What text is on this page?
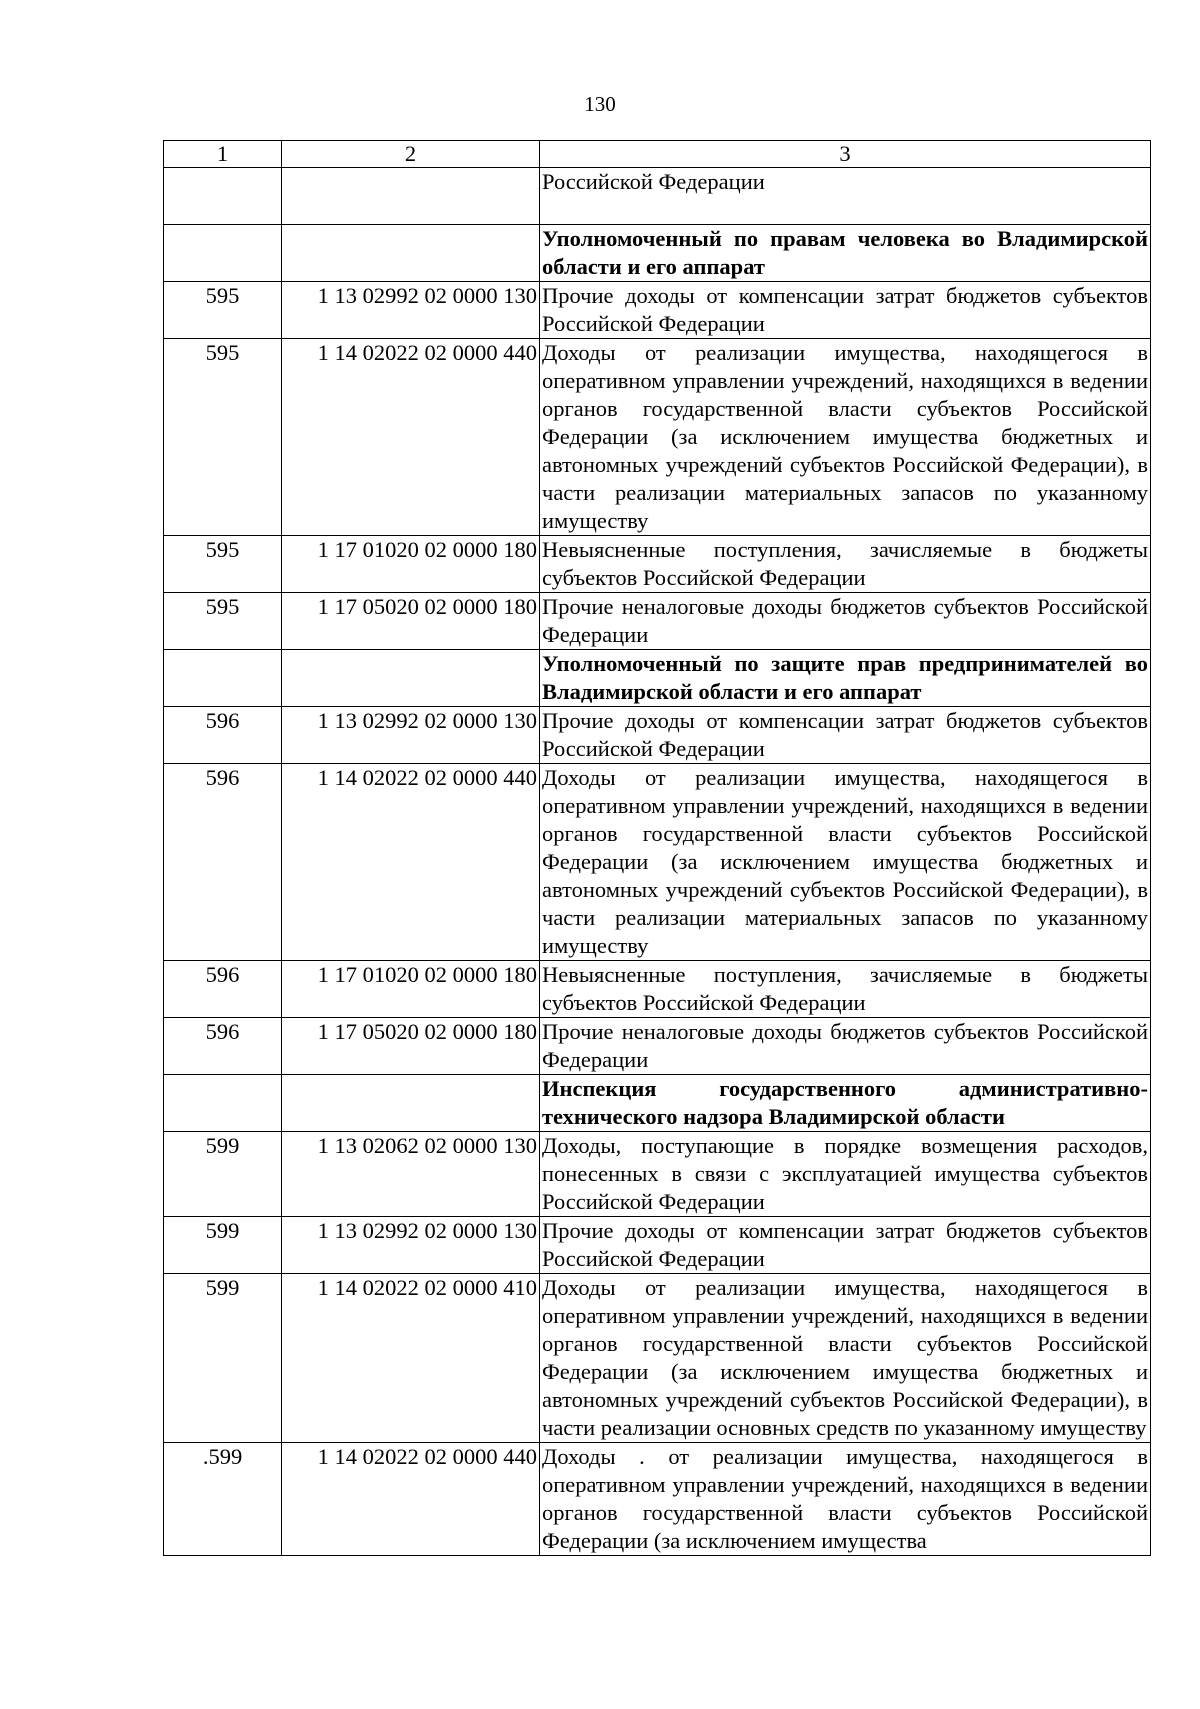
130
1	2	3
		Российской Федерации
		Уполномоченный по правам человека во Владимирской области и его аппарат
595	1 13 02992 02 0000 130	Прочие доходы от компенсации затрат бюджетов субъектов Российской Федерации
595	1 14 02022 02 0000 440	Доходы от реализации имущества, находящегося в оперативном управлении учреждений, находящихся в ведении органов государственной власти субъектов Российской Федерации (за исключением имущества бюджетных и автономных учреждений субъектов Российской Федерации), в части реализации материальных запасов по указанному имуществу
595	1 17 01020 02 0000 180	Невыясненные поступления, зачисляемые в бюджеты субъектов Российской Федерации
595	1 17 05020 02 0000 180	Прочие неналоговые доходы бюджетов субъектов Российской Федерации
		Уполномоченный по защите прав предпринимателей во Владимирской области и его аппарат
596	1 13 02992 02 0000 130	Прочие доходы от компенсации затрат бюджетов субъектов Российской Федерации
596	1 14 02022 02 0000 440	Доходы от реализации имущества, находящегося в оперативном управлении учреждений, находящихся в ведении органов государственной власти субъектов Российской Федерации (за исключением имущества бюджетных и автономных учреждений субъектов Российской Федерации), в части реализации материальных запасов по указанному имуществу
596	1 17 01020 02 0000 180	Невыясненные поступления, зачисляемые в бюджеты субъектов Российской Федерации
596	1 17 05020 02 0000 180	Прочие неналоговые доходы бюджетов субъектов Российской Федерации
		Инспекция государственного административно-технического надзора Владимирской области
599	1 13 02062 02 0000 130	Доходы, поступающие в порядке возмещения расходов, понесенных в связи с эксплуатацией имущества субъектов Российской Федерации
599	1 13 02992 02 0000 130	Прочие доходы от компенсации затрат бюджетов субъектов Российской Федерации
599	1 14 02022 02 0000 410	Доходы от реализации имущества, находящегося в оперативном управлении учреждений, находящихся в ведении органов государственной власти субъектов Российской Федерации (за исключением имущества бюджетных и автономных учреждений субъектов Российской Федерации), в части реализации основных средств по указанному имуществу
.599	1 14 02022 02 0000 440	Доходы . от реализации имущества, находящегося в оперативном управлении учреждений, находящихся в ведении органов государственной власти субъектов Российской Федерации (за исключением имущества
